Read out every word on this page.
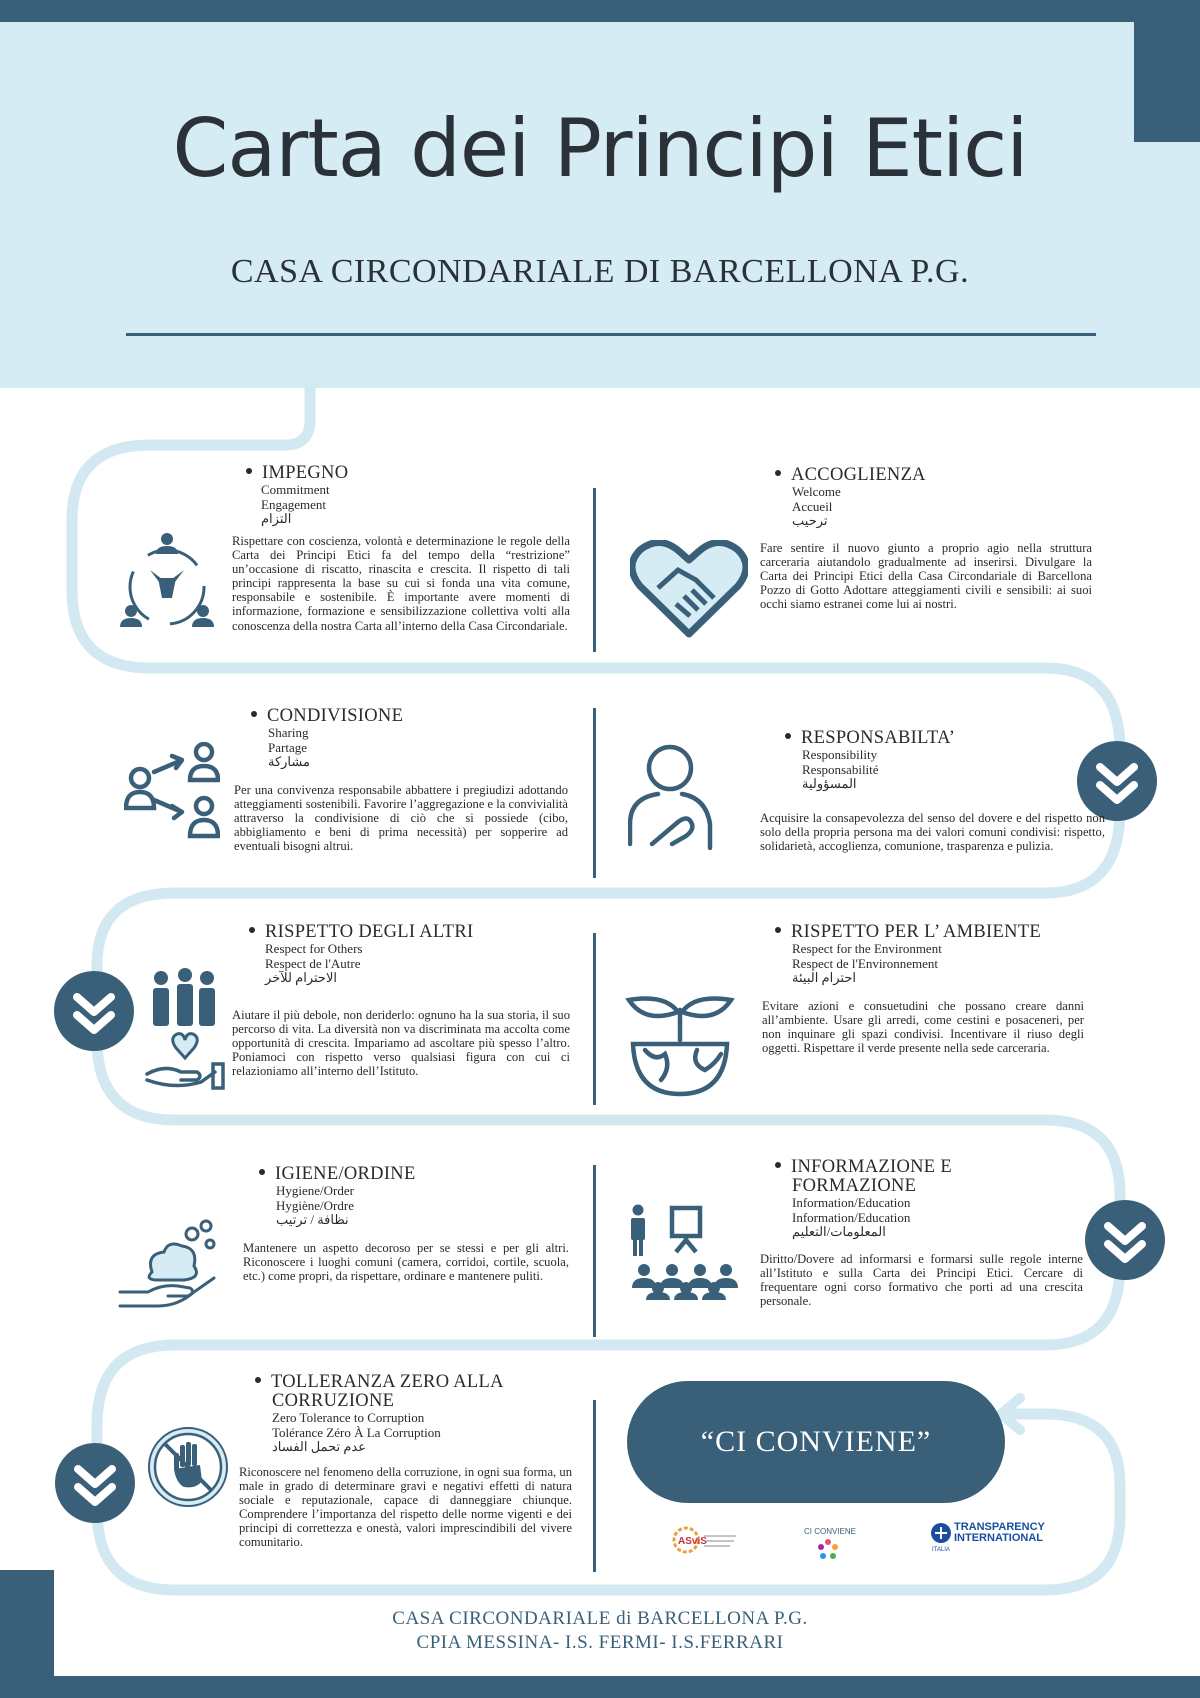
Carta dei Principi Etici
CASA CIRCONDARIALE DI BARCELLONA P.G.
IMPEGNO
Commitment
Engagement
التزام
Rispettare con coscienza, volontà e determinazione le regole della Carta dei Principi Etici fa del tempo della “restrizione” un’occasione di riscatto, rinascita e crescita. Il rispetto di tali principi rappresenta la base su cui si fonda una vita comune, responsabile e sostenibile. È importante avere momenti di informazione, formazione e sensibilizzazione collettiva volti alla conoscenza della nostra Carta all’interno della Casa Circondariale.
ACCOGLIENZA
Welcome
Accueil
ترحيب
Fare sentire il nuovo giunto a proprio agio nella struttura carceraria aiutandolo gradualmente ad inserirsi. Divulgare la Carta dei Principi Etici della Casa Circondariale di Barcellona Pozzo di Gotto Adottare atteggiamenti civili e sensibili: ai suoi occhi siamo estranei come lui ai nostri.
CONDIVISIONE
Sharing
Partage
مشاركة
Per una convivenza responsabile abbattere i pregiudizi adottando atteggiamenti sostenibili. Favorire l’aggregazione e la convivialità attraverso la condivisione di ciò che si possiede (cibo, abbigliamento e beni di prima necessità) per sopperire ad eventuali bisogni altrui.
RESPONSABILTA’
Responsibility
Responsabilité
المسؤولية
Acquisire la consapevolezza del senso del dovere e del rispetto non solo della propria persona ma dei valori comuni condivisi: rispetto, solidarietà, accoglienza, comunione, trasparenza e pulizia.
RISPETTO DEGLI ALTRI
Respect for Others
Respect de l'Autre
الاحترام للآخر
Aiutare il più debole, non deriderlo: ognuno ha la sua storia, il suo percorso di vita. La diversità non va discriminata ma accolta come opportunità di crescita. Impariamo ad ascoltare più spesso l’altro. Poniamoci con rispetto verso qualsiasi figura con cui ci relazioniamo all’interno dell’Istituto.
RISPETTO PER L’ AMBIENTE
Respect for the Environment
Respect de l'Environnement
احترام البيئة
Evitare azioni e consuetudini che possano creare danni all’ambiente. Usare gli arredi, come cestini e posaceneri, per non inquinare gli spazi condivisi. Incentivare il riuso degli oggetti. Rispettare il verde presente nella sede carceraria.
IGIENE/ORDINE
Hygiene/Order
Hygiène/Ordre
نظافة / ترتيب
Mantenere un aspetto decoroso per se stessi e per gli altri. Riconoscere i luoghi comuni (camera, corridoi, cortile, scuola, etc.) come propri, da rispettare, ordinare e mantenere puliti.
INFORMAZIONE E
FORMAZIONE
Information/Education
Information/Education
المعلومات/التعليم
Diritto/Dovere ad informarsi e formarsi sulle regole interne all’Istituto e sulla Carta dei Principi Etici. Cercare di frequentare ogni corso formativo che porti ad una crescita personale.
TOLLERANZA ZERO ALLA
CORRUZIONE
Zero Tolerance to Corruption
Tolérance Zéro À La Corruption
عدم تحمل الفساد
Riconoscere nel fenomeno della corruzione, in ogni sua forma, un male in grado di determinare gravi e negativi effetti di natura sociale e reputazionale, capace di danneggiare chiunque. Comprendere l’importanza del rispetto delle norme vigenti e dei principi di correttezza e onestà, valori imprescindibili del vivere comunitario.
“CI CONVIENE”
ASviS
CI CONVIENE	TRANSPARENCY
INTERNATIONAL
ITALIA
CASA CIRCONDARIALE di BARCELLONA P.G.
CPIA MESSINA- I.S. FERMI- I.S.FERRARI
